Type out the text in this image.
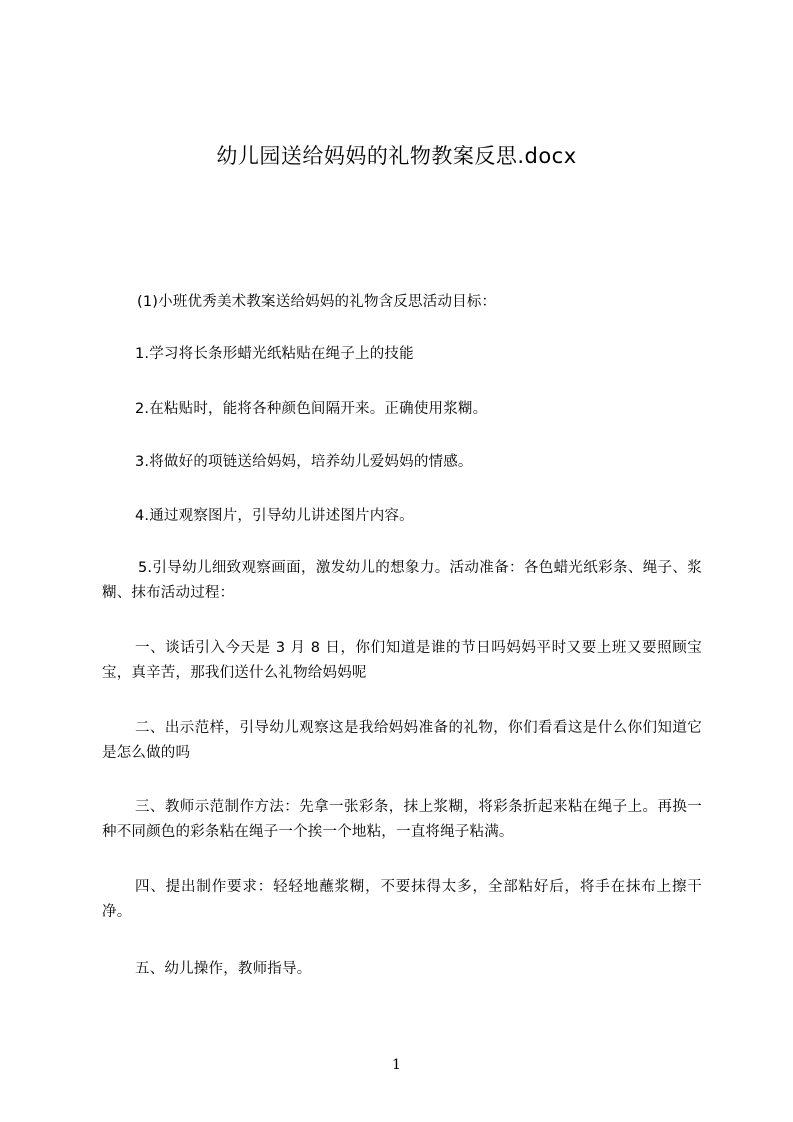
幼儿园送给妈妈的礼物教案反思.docx
(1)小班优秀美术教案送给妈妈的礼物含反思活动目标：
1.学习将长条形蜡光纸粘贴在绳子上的技能
2.在粘贴时，能将各种颜色间隔开来。正确使用浆糊。
3.将做好的项链送给妈妈，培养幼儿爱妈妈的情感。
4.通过观察图片，引导幼儿讲述图片内容。
5.引导幼儿细致观察画面，激发幼儿的想象力。活动准备：各色蜡光纸彩条、绳子、浆糊、抹布活动过程：
一、谈话引入今天是 3 月 8 日，你们知道是谁的节日吗妈妈平时又要上班又要照顾宝宝，真辛苦，那我们送什么礼物给妈妈呢
二、出示范样，引导幼儿观察这是我给妈妈准备的礼物，你们看看这是什么你们知道它是怎么做的吗
三、教师示范制作方法：先拿一张彩条，抹上浆糊，将彩条折起来粘在绳子上。再换一种不同颜色的彩条粘在绳子一个挨一个地粘，一直将绳子粘满。
四、提出制作要求：轻轻地蘸浆糊，不要抹得太多，全部粘好后，将手在抹布上擦干净。
五、幼儿操作，教师指导。
1
